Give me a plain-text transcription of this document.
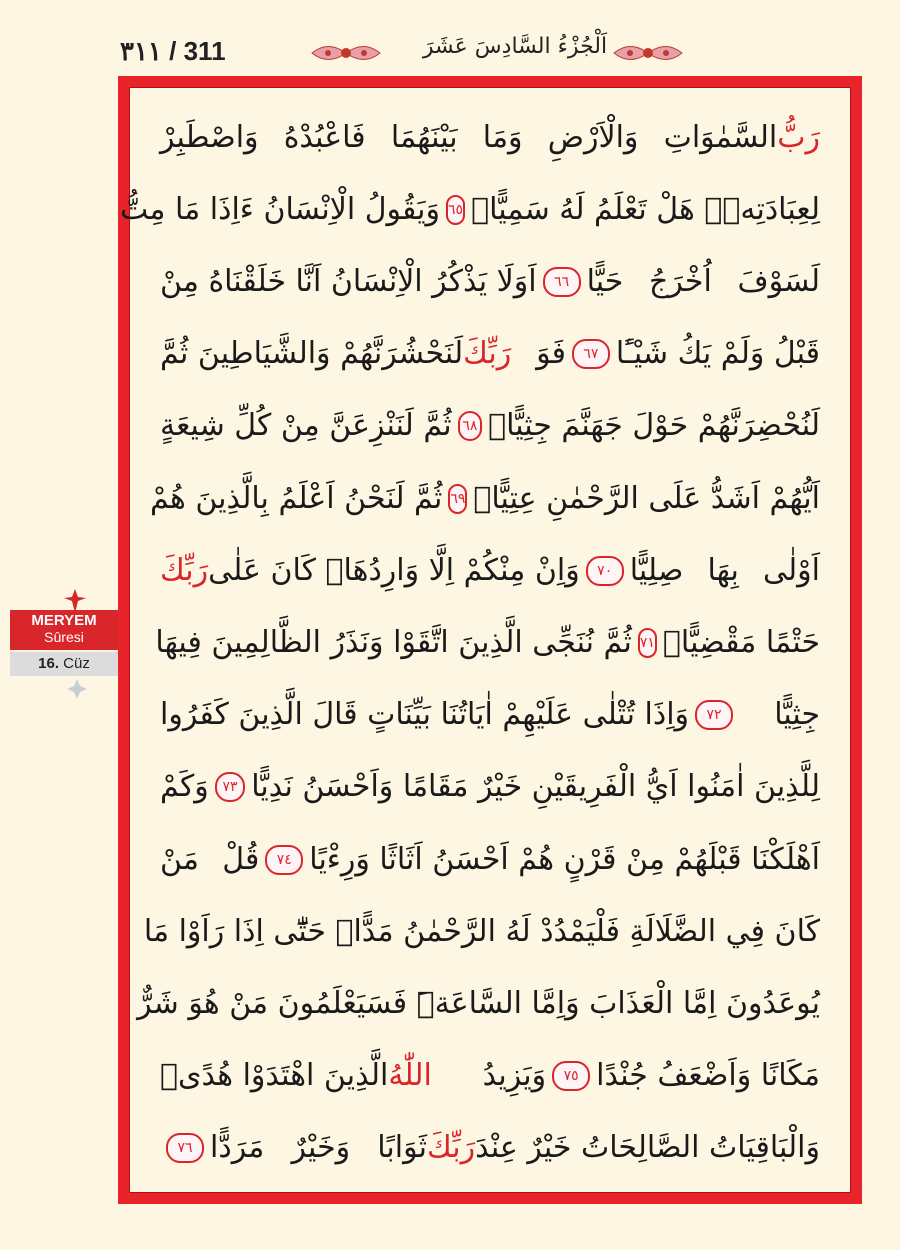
٣١١ / 311	اَلْجُزْءُ السَّادِسَ عَشَرَ
MERYEM
Sûresi
16. Cüz
رَبُّ
السَّمٰوَاتِ وَالْاَرْضِ وَمَا بَيْنَهُمَا فَاعْبُدْهُ وَاصْطَبِرْ
لِعِبَادَتِهٖۜ هَلْ تَعْلَمُ لَهُ سَمِيًّا۟
٦٥
وَيَقُولُ الْاِنْسَانُ ءَاِذَا مَا مِتُّ
لَسَوْفَ اُخْرَجُ حَيًّا
٦٦
اَوَلَا يَذْكُرُ الْاِنْسَانُ اَنَّا خَلَقْنَاهُ مِنْ
قَبْلُ وَلَمْ يَكُ شَيْـًٔا
٦٧
فَوَ
رَبِّكَ
لَنَحْشُرَنَّهُمْ وَالشَّيَاطِينَ ثُمَّ
لَنُحْضِرَنَّهُمْ حَوْلَ جَهَنَّمَ جِثِيًّاۚ
٦٨
ثُمَّ لَنَنْزِعَنَّ مِنْ كُلِّ شِيعَةٍ
اَيُّهُمْ اَشَدُّ عَلَى الرَّحْمٰنِ عِتِيًّاۚ
٦٩
ثُمَّ لَنَحْنُ اَعْلَمُ بِالَّذِينَ هُمْ
اَوْلٰى بِهَا صِلِيًّا
٧٠
وَاِنْ مِنْكُمْ اِلَّا وَارِدُهَاۚ كَانَ عَلٰى
رَبِّكَ
حَتْمًا مَقْضِيًّاۚ
٧١
ثُمَّ نُنَجِّى الَّذِينَ اتَّقَوْا وَنَذَرُ الظَّالِمِينَ فِيهَا
جِثِيًّا
٧٢
وَاِذَا تُتْلٰى عَلَيْهِمْ اٰيَاتُنَا بَيِّنَاتٍ قَالَ الَّذِينَ كَفَرُوا
لِلَّذِينَ اٰمَنُوا اَيُّ الْفَرِيقَيْنِ خَيْرٌ مَقَامًا وَاَحْسَنُ نَدِيًّا
٧٣
وَكَمْ
اَهْلَكْنَا قَبْلَهُمْ مِنْ قَرْنٍ هُمْ اَحْسَنُ اَثَاثًا وَرِءْيًا
٧٤
قُلْ مَنْ
كَانَ فِي الضَّلَالَةِ فَلْيَمْدُدْ لَهُ الرَّحْمٰنُ مَدًّاۚ حَتّٰٓى اِذَا رَاَوْا مَا
يُوعَدُونَ اِمَّا الْعَذَابَ وَاِمَّا السَّاعَةَۜ فَسَيَعْلَمُونَ مَنْ هُوَ شَرٌّ
مَكَانًا وَاَضْعَفُ جُنْدًا
٧٥
وَيَزِيدُ
اللّٰهُ
الَّذِينَ اهْتَدَوْا هُدًىۜ
وَالْبَاقِيَاتُ الصَّالِحَاتُ خَيْرٌ عِنْدَ
رَبِّكَ
ثَوَابًا وَخَيْرٌ مَرَدًّا
٧٦
